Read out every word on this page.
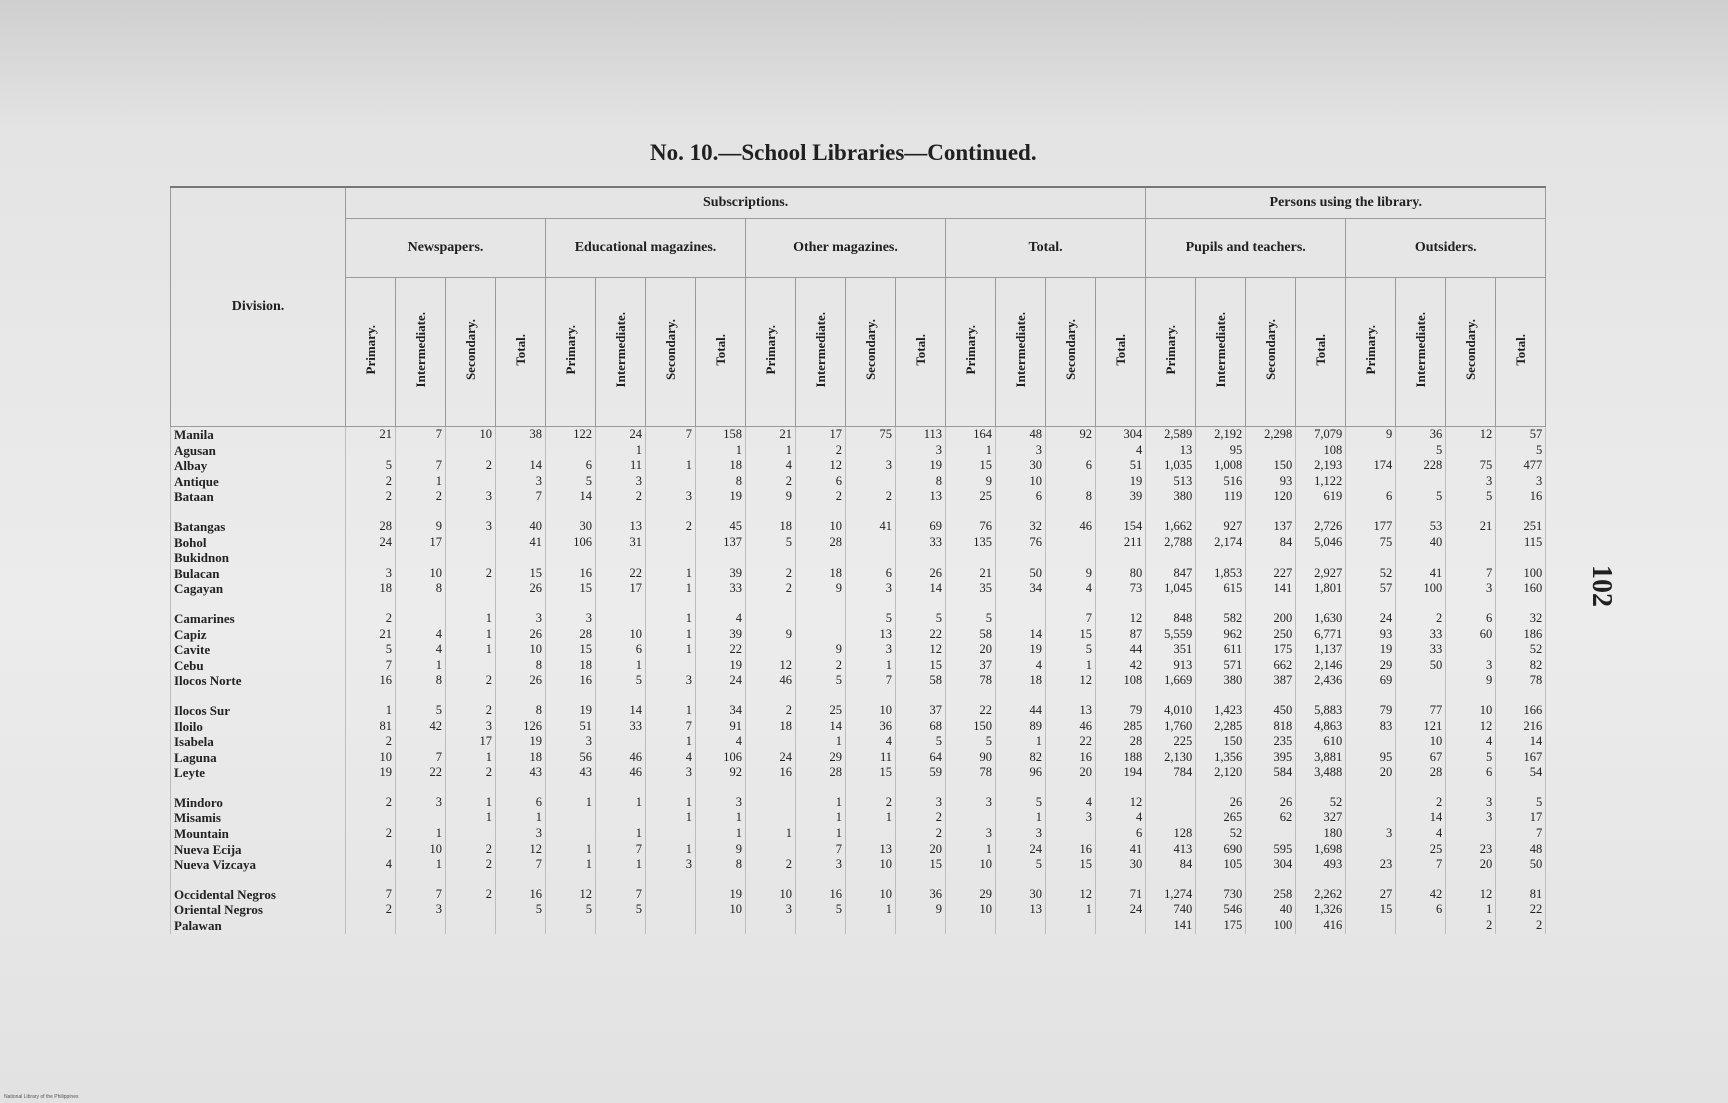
No. 10.—School Libraries—Continued.
102
National Library of the Philippines
Division.	Subscriptions.																Persons using the library.							
	Newspapers.				Educational magazines.				Other magazines.				Total.				Pupils and teachers.				Outsiders.			
	Primary.	Intermediate.	Secondary.	Total.	Primary.	Intermediate.	Secondary.	Total.	Primary.	Intermediate.	Secondary.	Total.	Primary.	Intermediate.	Secondary.	Total.	Primary.	Intermediate.	Secondary.	Total.	Primary.	Intermediate.	Secondary.	Total.
Manila	21	7	10	38	122	24	7	158	21	17	75	113	164	48	92	304	2,589	2,192	2,298	7,079	9	36	12	57
Agusan						1		1	1	2		3	1	3		4	13	95		108		5		5
Albay	5	7	2	14	6	11	1	18	4	12	3	19	15	30	6	51	1,035	1,008	150	2,193	174	228	75	477
Antique	2	1		3	5	3		8	2	6		8	9	10		19	513	516	93	1,122			3	3
Bataan	2	2	3	7	14	2	3	19	9	2	2	13	25	6	8	39	380	119	120	619	6	5	5	16

Batangas	28	9	3	40	30	13	2	45	18	10	41	69	76	32	46	154	1,662	927	137	2,726	177	53	21	251
Bohol	24	17		41	106	31		137	5	28		33	135	76		211	2,788	2,174	84	5,046	75	40		115
Bukidnon																								
Bulacan	3	10	2	15	16	22	1	39	2	18	6	26	21	50	9	80	847	1,853	227	2,927	52	41	7	100
Cagayan	18	8		26	15	17	1	33	2	9	3	14	35	34	4	73	1,045	615	141	1,801	57	100	3	160

Camarines	2		1	3	3		1	4			5	5	5		7	12	848	582	200	1,630	24	2	6	32
Capiz	21	4	1	26	28	10	1	39	9		13	22	58	14	15	87	5,559	962	250	6,771	93	33	60	186
Cavite	5	4	1	10	15	6	1	22		9	3	12	20	19	5	44	351	611	175	1,137	19	33		52
Cebu	7	1		8	18	1		19	12	2	1	15	37	4	1	42	913	571	662	2,146	29	50	3	82
Ilocos Norte	16	8	2	26	16	5	3	24	46	5	7	58	78	18	12	108	1,669	380	387	2,436	69		9	78

Ilocos Sur	1	5	2	8	19	14	1	34	2	25	10	37	22	44	13	79	4,010	1,423	450	5,883	79	77	10	166
Iloilo	81	42	3	126	51	33	7	91	18	14	36	68	150	89	46	285	1,760	2,285	818	4,863	83	121	12	216
Isabela	2		17	19	3		1	4		1	4	5	5	1	22	28	225	150	235	610		10	4	14
Laguna	10	7	1	18	56	46	4	106	24	29	11	64	90	82	16	188	2,130	1,356	395	3,881	95	67	5	167
Leyte	19	22	2	43	43	46	3	92	16	28	15	59	78	96	20	194	784	2,120	584	3,488	20	28	6	54

Mindoro	2	3	1	6	1	1	1	3		1	2	3	3	5	4	12		26	26	52		2	3	5
Misamis			1	1			1	1		1	1	2		1	3	4		265	62	327		14	3	17
Mountain	2	1		3		1		1	1	1		2	3	3		6	128	52		180	3	4		7
Nueva Ecija		10	2	12	1	7	1	9		7	13	20	1	24	16	41	413	690	595	1,698		25	23	48
Nueva Vizcaya	4	1	2	7	1	1	3	8	2	3	10	15	10	5	15	30	84	105	304	493	23	7	20	50

Occidental Negros	7	7	2	16	12	7		19	10	16	10	36	29	30	12	71	1,274	730	258	2,262	27	42	12	81
Oriental Negros	2	3		5	5	5		10	3	5	1	9	10	13	1	24	740	546	40	1,326	15	6	1	22
Palawan																	141	175	100	416			2	2
